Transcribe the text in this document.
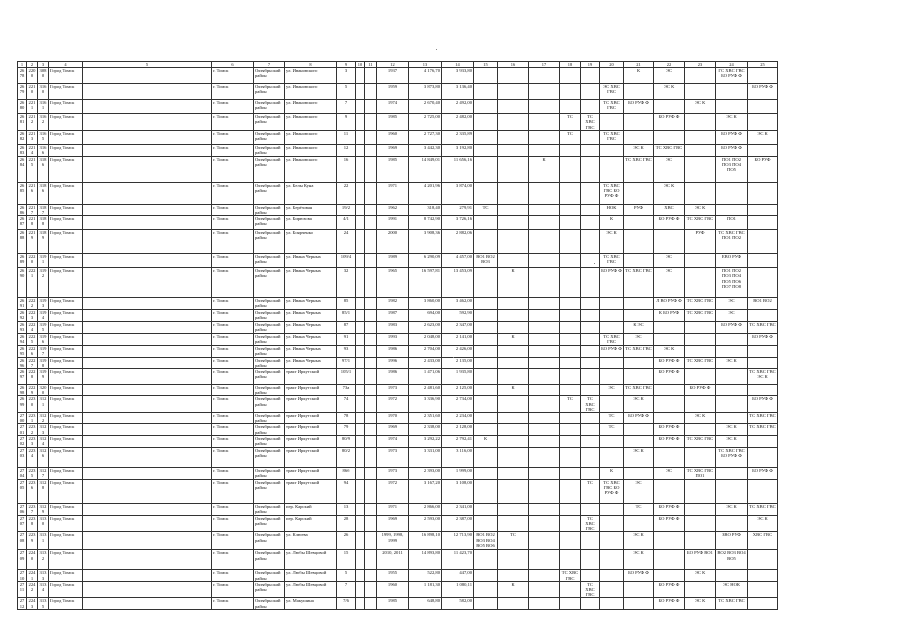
1	2	3	4	5	6	7	8	9	10	11	12	13	14	15	16	17	18	19	20	21	22	23	24	25
2678	2200	3080	Город Томск		г. Томск	Октябрьский район	ул. Ивановского	3			1937	4 176,70	3 933,80							К	ЭС		ГС ХВС ГВС БО РУФ Ф	
2679	2210	3160	Город Томск		г. Томск	Октябрьский район	ул. Ивановского	5			1959	3 873,80	3 136,40						ЭС ХВС ГВС		ЭС К			БО РУФ Ф
2680	2211	3161	Город Томск		г. Томск	Октябрьский район	ул. Ивановского	7			1974	2 670,40	2 492,00						ТС ХВС ГВС	БО РУФ Ф		ЭС К		
2681	2212	3162	Город Томск		г. Томск	Октябрьский район	ул. Ивановского	9			1985	2 725,00	2 482,00				ТС	ТС ХВС ГВС			БО РУФ Ф		ЭС К	
2682	2213	3165	Город Томск		г. Томск	Октябрьский район	ул. Ивановского	11			1960	2 727,30	2 335,89				ТС		ТС ХВС ГВС				БО РУФ Ф	ЭС К
2683	2214	3166	Город Томск		г. Томск	Октябрьский район	ул. Ивановского	12			1969	3 442,30	3 192,80							ЭС К	ТС ХВС ГВС		БО РУФ Ф	
2684	2215	3186	Город Томск		г. Томск	Октябрьский район	ул. Ивановского	16			1985	14 849,01	11 656,16			К				ТС ХВС ГВС	ЭС		ПО1 ПО2 ПО3 ПО4 ПО5	БО РУФ
2685	2216	3186	Город Томск		г. Томск	Октябрьский район	ул. Белы Куна	22			1971	4 201,96	3 874,00						ТС ХВС ГВС БО РУФ Ф		ЭС К			
2686	2217	3187	Город Томск		г. Томск	Октябрьский район	ул. Берёзовая	19/2			1962	318,40	279,91	ТС					НОК	РУФ	ХВС	ЭС К		
2687	2218	3188	Город Томск		г. Томск	Октябрьский район	ул. Бирюзова	4/1			1991	8 742,90	3 726,16						К		БО РУФ Ф	ТС ХВС ГВС	ПО1	
2688	2219	3189	Город Томск		г. Томск	Октябрьский район	ул. Боярченко	24			2000	3 908,36	2 882,06						ЭС К			РУФ	ТС ХВС ГВС ПО1 ПО2	
2689	2220	3191	Город Томск		г. Томск	Октябрьский район	ул. Ивана Черных	109/4			1989	6 290,09	4 457,00	ВО1 ВО2 ВО3					ТС ХВС ГВС		ЭС		ЕВО РУФ	
2690	2221	3192	Город Томск		г. Томск	Октябрьский район	ул. Ивана Черных	32			1965	16 597,81	13 453,09		К				БО РУФ Ф	ТС ХВС ГВС	ЭС		ПО1 ПО2 ПО3 ПО4 ПО5 ПО6 ПО7 ПО8	
2691	2222	3193	Город Томск		г. Томск	Октябрьский район	ул. Ивана Черных	85			1982	3 860,00	3 462,00								Л ВО РУФ Ф	ТС ХВС ГВС	ЭС	ВО1 ВО2
2692	2223	3194	Город Томск		г. Томск	Октябрьский район	ул. Ивана Черных	85/1			1987	694,00	592,90								К БО РУФ	ТС ХВС ГВС	ЭС	
2693	2224	3195	Город Томск		г. Томск	Октябрьский район	ул. Ивана Черных	87			1983	2 623,00	2 347,00							К ЭС			БО РУФ Ф	ТС ХВС ГВС
2694	2225	3196	Город Томск		г. Томск	Октябрьский район	ул. Ивана Черных	91			1993	2 048,00	2 141,00		К				ТС ХВС ГВС	ЭС				БО РУФ Ф
2695	2226	3197	Город Томск		г. Томск	Октябрьский район	ул. Ивана Черных	93			1986	2 704,00	2 426,00						БО РУФ Ф	ТС ХВС ГВС	ЭС К			
2696	2227	3198	Город Томск		г. Томск	Октябрьский район	ул. Ивана Черных	97/1			1996	2 433,00	2 135,00								БО РУФ Ф	ТС ХВС ГВС	ЭС К	
2697	2228	3199	Город Томск		г. Томск	Октябрьский район	тракт Иркутский	105/1			1986	1 471,06	1 935,80								БО РУФ Ф			ТС ХВС ГВС ЭС К
2698	2229	3200	Город Томск		г. Томск	Октябрьский район	тракт Иркутский	73а			1973	2 481,60	2 125,00		К				ЭС	ТС ХВС ГВС		БО РУФ Ф		
2699	2230	3121	Город Томск		г. Томск	Октябрьский район	тракт Иркутский	74			1972	3 336,90	2 734,00				ТС	ТС ХВС ГВС		ЭС К				БО РУФ Ф
2700	2231	3122	Город Томск		г. Томск	Октябрьский район	тракт Иркутский	78			1970	2 351,60	2 234,00						ТС	БО РУФ Ф		ЭС К		ТС ХВС ГВС
2701	2232	3123	Город Томск		г. Томск	Октябрьский район	тракт Иркутский	79			1969	2 338,00	2 128,00						ТС		БО РУФ Ф		ЭС К	ТС ХВС ГВС
2702	2233	3124	Город Томск		г. Томск	Октябрьский район	тракт Иркутский	80/9			1974	3 292,22	2 792,41	К							БО РУФ Ф	ТС ХВС ГВС	ЭС К	
2703	2234	3126	Город Томск		г. Томск	Октябрьский район	тракт Иркутский	80/2			1973	3 331,00	3 116,00							ЭС К			ТС ХВС ГВС БО РУФ Ф	
2704	2235	3127	Город Томск		г. Томск	Октябрьский район	тракт Иркутский	86б			1973	2 393,00	1 999,00						К		ЭС	ТС ХВС ГВС ПО1		БО РУФ Ф
2705	2236	3128	Город Томск		г. Томск	Октябрьский район	тракт Иркутский	94			1972	3 167,20	3 108,00					ТС	ТС ХВС ГВС БО РУФ Ф	ЭС				
2706	2237	3129	Город Томск		г. Томск	Октябрьский район	пер. Карский	13			1971	2 866,00	2 341,00							ТС	БО РУФ Ф		ЭС К	ТС ХВС ГВС
2707	2238	3130	Город Томск		г. Томск	Октябрьский район	пер. Карский	28			1969	2 593,00	2 387,00					ТС ХВС ГВС			БО РУФ Ф			ЭС К
2708	2239	3131	Город Томск		г. Томск	Октябрьский район	ул. Клюева	26			1999, 1998, 1999	16 898,10	12 713,90	ВО1 ВО2 ВО3 ВО4 ВО5 ВО6	ТС					ЭС К			ЗВО РУФ	ХВС ГВС
2709	2240	3132	Город Томск		г. Томск	Октябрьский район	ул. Любы Шевцовой	15			2010, 2011	14 893,80	11 423,70							ЭС К		БО РУФ ВО1	ВО2 ВО3 ВО4 ВО5	
2710	2241	3133	Город Томск		г. Томск	Октябрьский район	ул. Любы Шевцовой	5			1955	522,80	447,00				ТС ХВС ГВС			БО РУФ Ф		ЭС К		
2711	2242	3134	Город Томск		г. Томск	Октябрьский район	ул. Любы Шевцовой	7			1960	1 181,30	1 080,11		К			ТС ХВС ГВС			БО РУФ Ф		ЭС НОК	
2712	2243	3135	Город Томск		г. Томск	Октябрьский район	ул. Макушина	7/6			1985	648,80	582,00								БО РУФ Ф	ЭС К	ТС ХВС ГВС	
